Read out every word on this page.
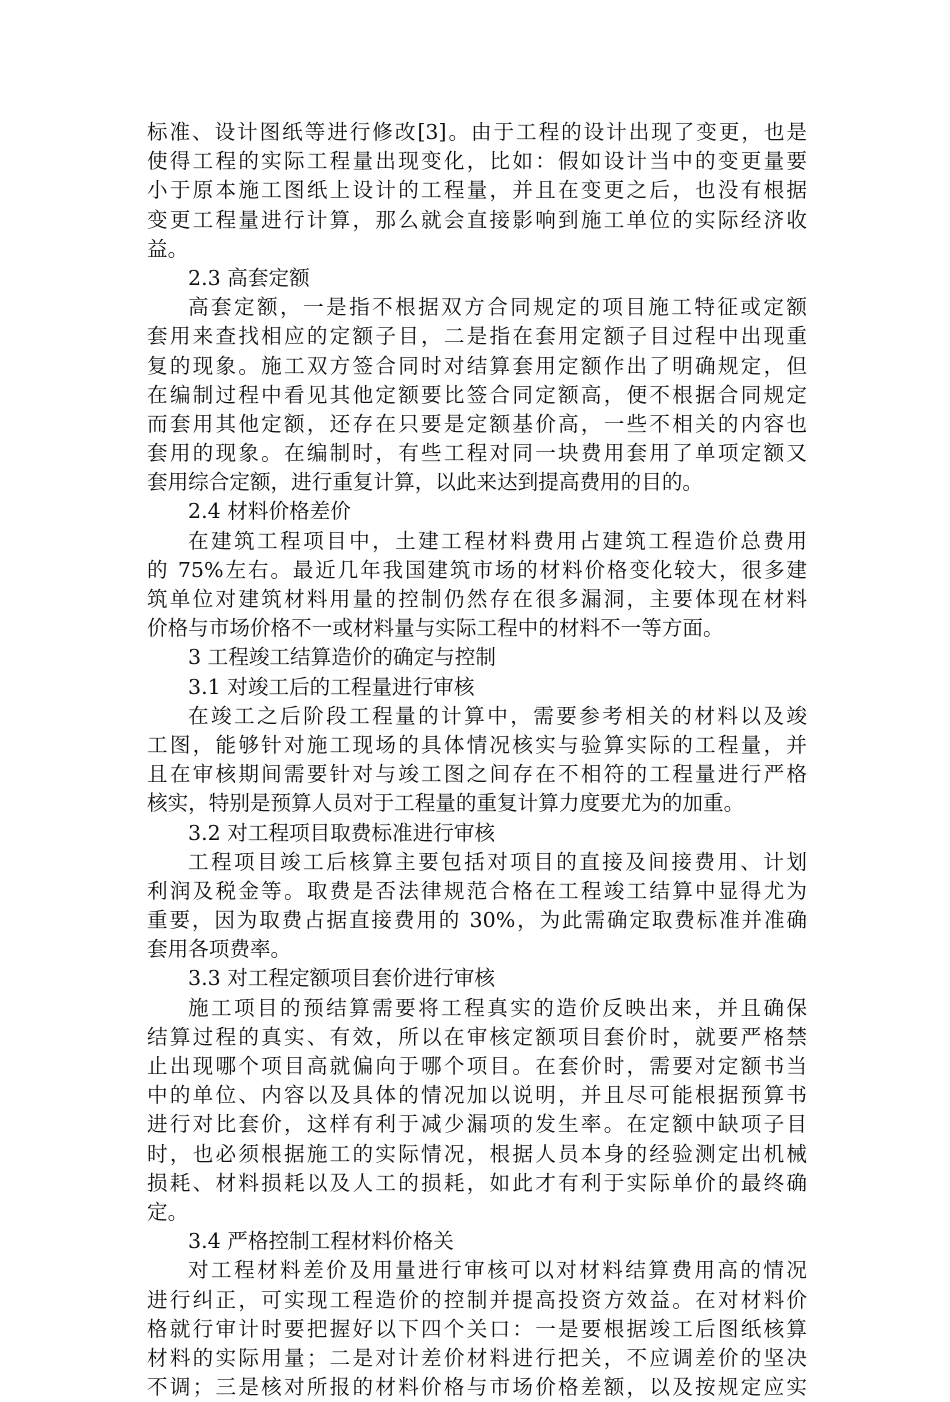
标准、设计图纸等进行修改[3]。由于工程的设计出现了变更，也是
使得工程的实际工程量出现变化，比如：假如设计当中的变更量要
小于原本施工图纸上设计的工程量，并且在变更之后，也没有根据
变更工程量进行计算，那么就会直接影响到施工单位的实际经济收
益。
2.3 高套定额
高套定额，一是指不根据双方合同规定的项目施工特征或定额
套用来查找相应的定额子目，二是指在套用定额子目过程中出现重
复的现象。施工双方签合同时对结算套用定额作出了明确规定，但
在编制过程中看见其他定额要比签合同定额高，便不根据合同规定
而套用其他定额，还存在只要是定额基价高，一些不相关的内容也
套用的现象。在编制时，有些工程对同一块费用套用了单项定额又
套用综合定额，进行重复计算，以此来达到提高费用的目的。
2.4 材料价格差价
在建筑工程项目中，土建工程材料费用占建筑工程造价总费用
的 75%左右。最近几年我国建筑市场的材料价格变化较大，很多建
筑单位对建筑材料用量的控制仍然存在很多漏洞，主要体现在材料
价格与市场价格不一或材料量与实际工程中的材料不一等方面。
3 工程竣工结算造价的确定与控制
3.1 对竣工后的工程量进行审核
在竣工之后阶段工程量的计算中，需要参考相关的材料以及竣
工图，能够针对施工现场的具体情况核实与验算实际的工程量，并
且在审核期间需要针对与竣工图之间存在不相符的工程量进行严格
核实，特别是预算人员对于工程量的重复计算力度要尤为的加重。
3.2 对工程项目取费标准进行审核
工程项目竣工后核算主要包括对项目的直接及间接费用、计划
利润及税金等。取费是否法律规范合格在工程竣工结算中显得尤为
重要，因为取费占据直接费用的 30%，为此需确定取费标准并准确
套用各项费率。
3.3 对工程定额项目套价进行审核
施工项目的预结算需要将工程真实的造价反映出来，并且确保
结算过程的真实、有效，所以在审核定额项目套价时，就要严格禁
止出现哪个项目高就偏向于哪个项目。在套价时，需要对定额书当
中的单位、内容以及具体的情况加以说明，并且尽可能根据预算书
进行对比套价，这样有利于减少漏项的发生率。在定额中缺项子目
时，也必须根据施工的实际情况，根据人员本身的经验测定出机械
损耗、材料损耗以及人工的损耗，如此才有利于实际单价的最终确
定。
3.4 严格控制工程材料价格关
对工程材料差价及用量进行审核可以对材料结算费用高的情况
进行纠正，可实现工程造价的控制并提高投资方效益。在对材料价
格就行审计时要把握好以下四个关口：一是要根据竣工后图纸核算
材料的实际用量；二是对计差价材料进行把关，不应调差价的坚决
不调；三是核对所报的材料价格与市场价格差额，以及按规定应实
